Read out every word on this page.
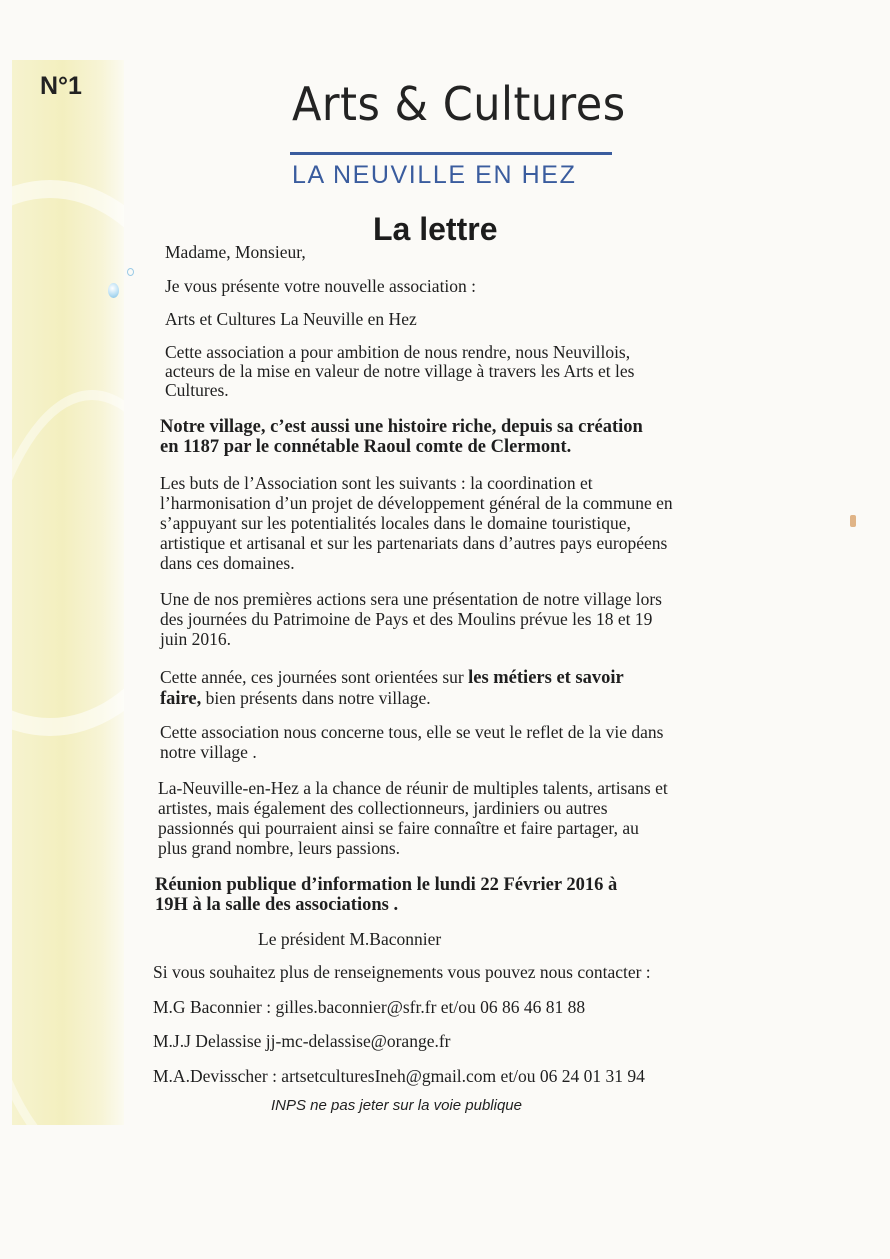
N°1	Arts & Cultures
LA NEUVILLE EN HEZ
La lettre
Madame, Monsieur,
Je vous présente votre nouvelle association :
Arts et Cultures La Neuville en Hez
Cette association a pour ambition de nous rendre, nous Neuvillois,
acteurs de la mise en valeur de notre village à travers les Arts et les
Cultures.
Notre village, c’est aussi une histoire riche, depuis sa création
en 1187 par le connétable Raoul comte de Clermont.
Les buts de l’Association sont les suivants : la coordination et
l’harmonisation d’un projet de développement général de la commune en
s’appuyant sur les potentialités locales dans le domaine touristique,
artistique et artisanal et sur les partenariats dans d’autres pays européens
dans ces domaines.
Une de nos premières actions sera une présentation de notre village lors
des journées du Patrimoine de Pays et des Moulins prévue les 18 et 19
juin 2016.
Cette année, ces journées sont orientées sur les métiers et savoir
faire, bien présents dans notre village.
Cette association nous concerne tous, elle se veut le reflet de la vie dans
notre village .
La-Neuville-en-Hez a la chance de réunir de multiples talents, artisans et
artistes, mais également des collectionneurs, jardiniers ou autres
passionnés qui pourraient ainsi se faire connaître et faire partager, au
plus grand nombre, leurs passions.
Réunion publique d’information le lundi 22 Février 2016 à
19H à la salle des associations .
Le président M.Baconnier
Si vous souhaitez plus de renseignements vous pouvez nous contacter :
M.G Baconnier : gilles.baconnier@sfr.fr et/ou 06 86 46 81 88
M.J.J Delassise jj-mc-delassise@orange.fr
M.A.Devisscher : artsetculturesIneh@gmail.com et/ou 06 24 01 31 94
INPS ne pas jeter sur la voie publique
